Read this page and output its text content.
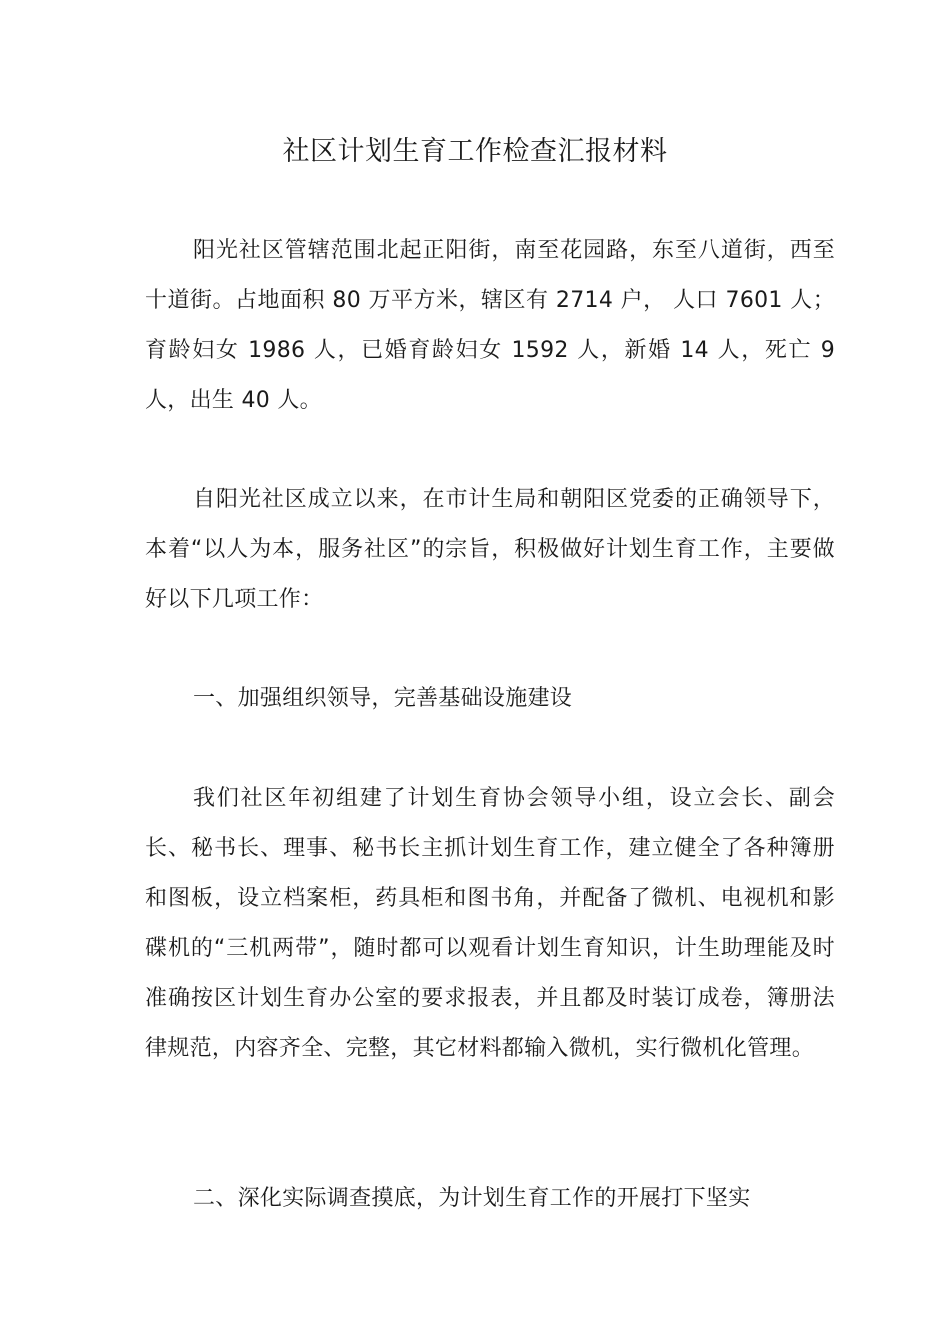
社区计划生育工作检查汇报材料

阳光社区管辖范围北起正阳街，南至花园路，东至八道街，西至十道街。占地面积 80 万平方米，辖区有 2714 户， 人口 7601 人；育龄妇女 1986 人，已婚育龄妇女 1592 人，新婚 14 人，死亡 9 人，出生 40 人。

自阳光社区成立以来，在市计生局和朝阳区党委的正确领导下，本着“以人为本，服务社区”的宗旨，积极做好计划生育工作，主要做好以下几项工作：

一、加强组织领导，完善基础设施建设

我们社区年初组建了计划生育协会领导小组，设立会长、副会长、秘书长、理事、秘书长主抓计划生育工作，建立健全了各种簿册和图板，设立档案柜，药具柜和图书角，并配备了微机、电视机和影碟机的“三机两带”，随时都可以观看计划生育知识，计生助理能及时准确按区计划生育办公室的要求报表，并且都及时装订成卷，簿册法律规范，内容齐全、完整，其它材料都输入微机，实行微机化管理。

二、深化实际调查摸底，为计划生育工作的开展打下坚实
